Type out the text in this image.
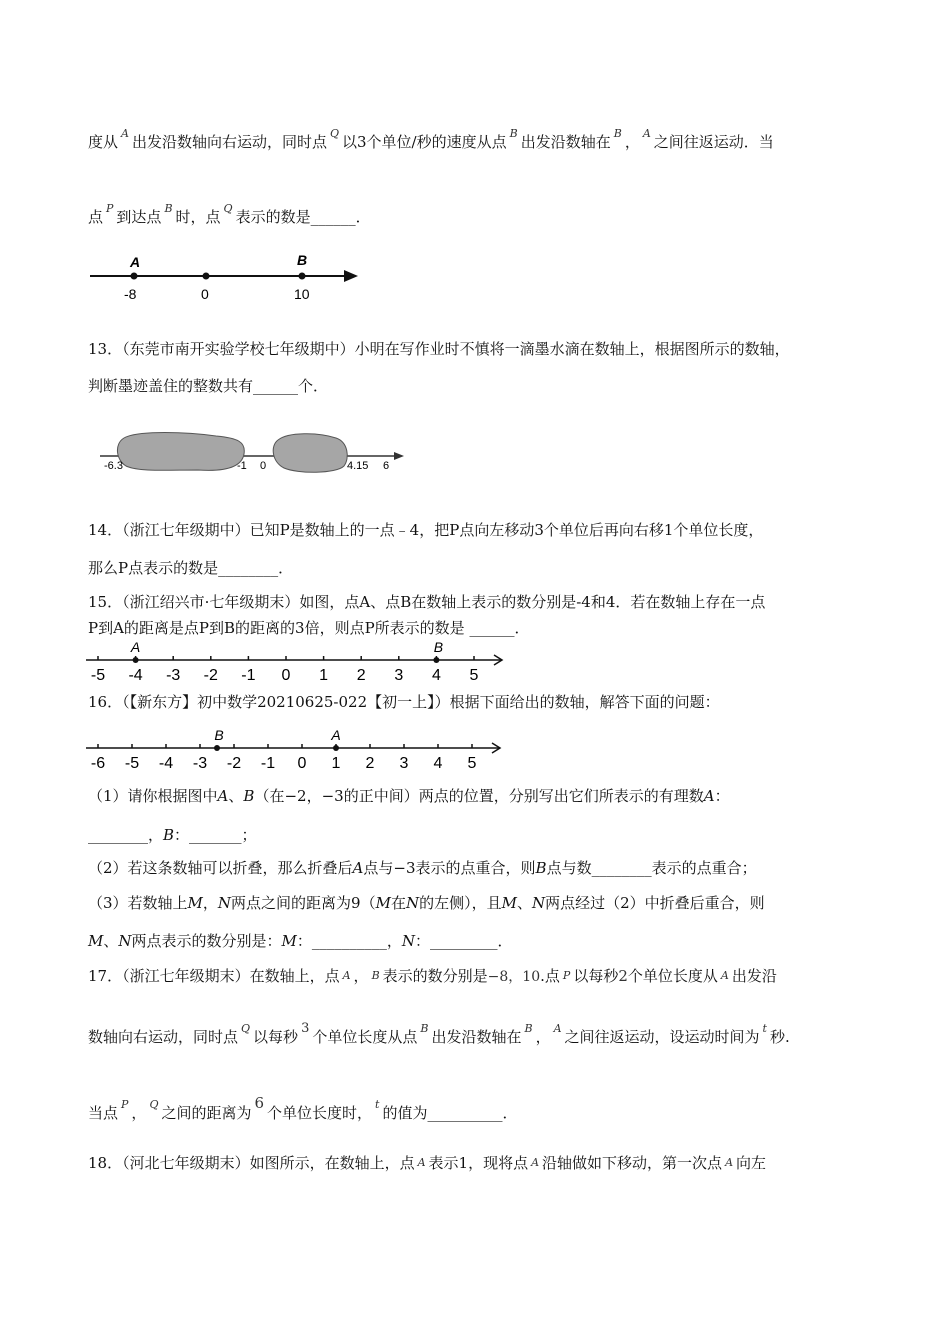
度从 $^A$ 出发沿数轴向右运动，同时点 $^Q$ 以3个单位/秒的速度从点 $^B$ 出发沿数轴在 $^B$ ， $^A$ 之间往返运动．当
点 $^P$ 到达点 $^B$ 时，点 $^Q$ 表示的数是______．
A	B
-8	0	10
13．（东莞市南开实验学校七年级期中）小明在写作业时不慎将一滴墨水滴在数轴上，根据图所示的数轴，
判断墨迹盖住的整数共有______个．
-6.3	-1 0	4.15 6
14．（浙江七年级期中）已知P是数轴上的一点﹣4，把P点向左移动3个单位后再向右移1个单位长度，
那么P点表示的数是________．
15．（浙江绍兴市·七年级期末）如图，点A、点B在数轴上表示的数分别是-4和4．若在数轴上存在一点
P到A的距离是点P到B的距离的3倍，则点P所表示的数是 ______．
-5 -4 -3 -2 -1 0 1 2 3 4 5
A	B
16．（【新东方】初中数学20210625-022【初一上】）根据下面给出的数轴，解答下面的问题：
-6 -5 -4 -3 -2 -1 0 1 2 3 4 5
A
B
（1）请你根据图中A、B（在−2，−3的正中间）两点的位置，分别写出它们所表示的有理数A：
________，B：_______；
（2）若这条数轴可以折叠，那么折叠后A点与−3表示的点重合，则B点与数________表示的点重合；
（3）若数轴上M，N两点之间的距离为9（M在N的左侧），且M、N两点经过（2）中折叠后重合，则
M、N两点表示的数分别是：M：__________，N：_________．
17．（浙江七年级期末）在数轴上，点 A ， B 表示的数分别是−8，10.点 P 以每秒2个单位长度从 A 出发沿
数轴向右运动，同时点 $^Q$ 以每秒 3 个单位长度从点 $^B$ 出发沿数轴在 $^B$ ， $^A$ 之间往返运动，设运动时间为 $^t$ 秒.
当点 $^P$ ， $^Q$ 之间的距离为6个单位长度时， $^t$ 的值为__________．
18．（河北七年级期末）如图所示，在数轴上，点 A 表示1，现将点 A 沿轴做如下移动，第一次点 A 向左
